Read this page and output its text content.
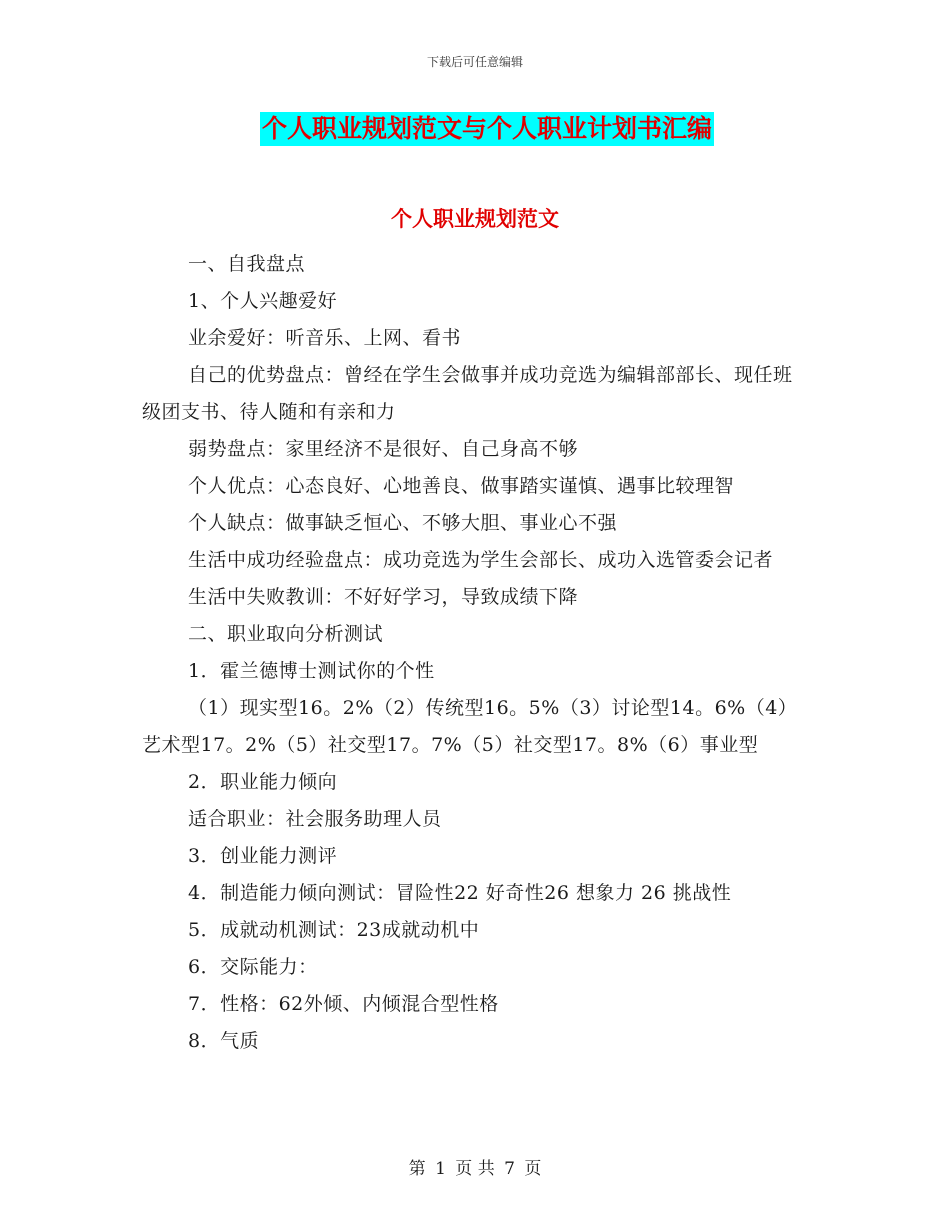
下载后可任意编辑
个人职业规划范文与个人职业计划书汇编
个人职业规划范文

一、自我盘点

1、个人兴趣爱好

业余爱好：听音乐、上网、看书

自己的优势盘点：曾经在学生会做事并成功竞选为编辑部部长、现任班级团支书、待人随和有亲和力

弱势盘点：家里经济不是很好、自己身高不够

个人优点：心态良好、心地善良、做事踏实谨慎、遇事比较理智

个人缺点：做事缺乏恒心、不够大胆、事业心不强

生活中成功经验盘点：成功竞选为学生会部长、成功入选管委会记者

生活中失败教训：不好好学习，导致成绩下降

二、职业取向分析测试

1．霍兰德博士测试你的个性

（1）现实型16。2%（2）传统型16。5%（3）讨论型14。6%（4）艺术型17。2%（5）社交型17。7%（5）社交型17。8%（6）事业型

2．职业能力倾向

适合职业：社会服务助理人员

3．创业能力测评

4．制造能力倾向测试：冒险性22 好奇性26 想象力 26 挑战性

5．成就动机测试：23成就动机中

6．交际能力：

7．性格：62外倾、内倾混合型性格

8．气质

第 1 页 共 7 页
